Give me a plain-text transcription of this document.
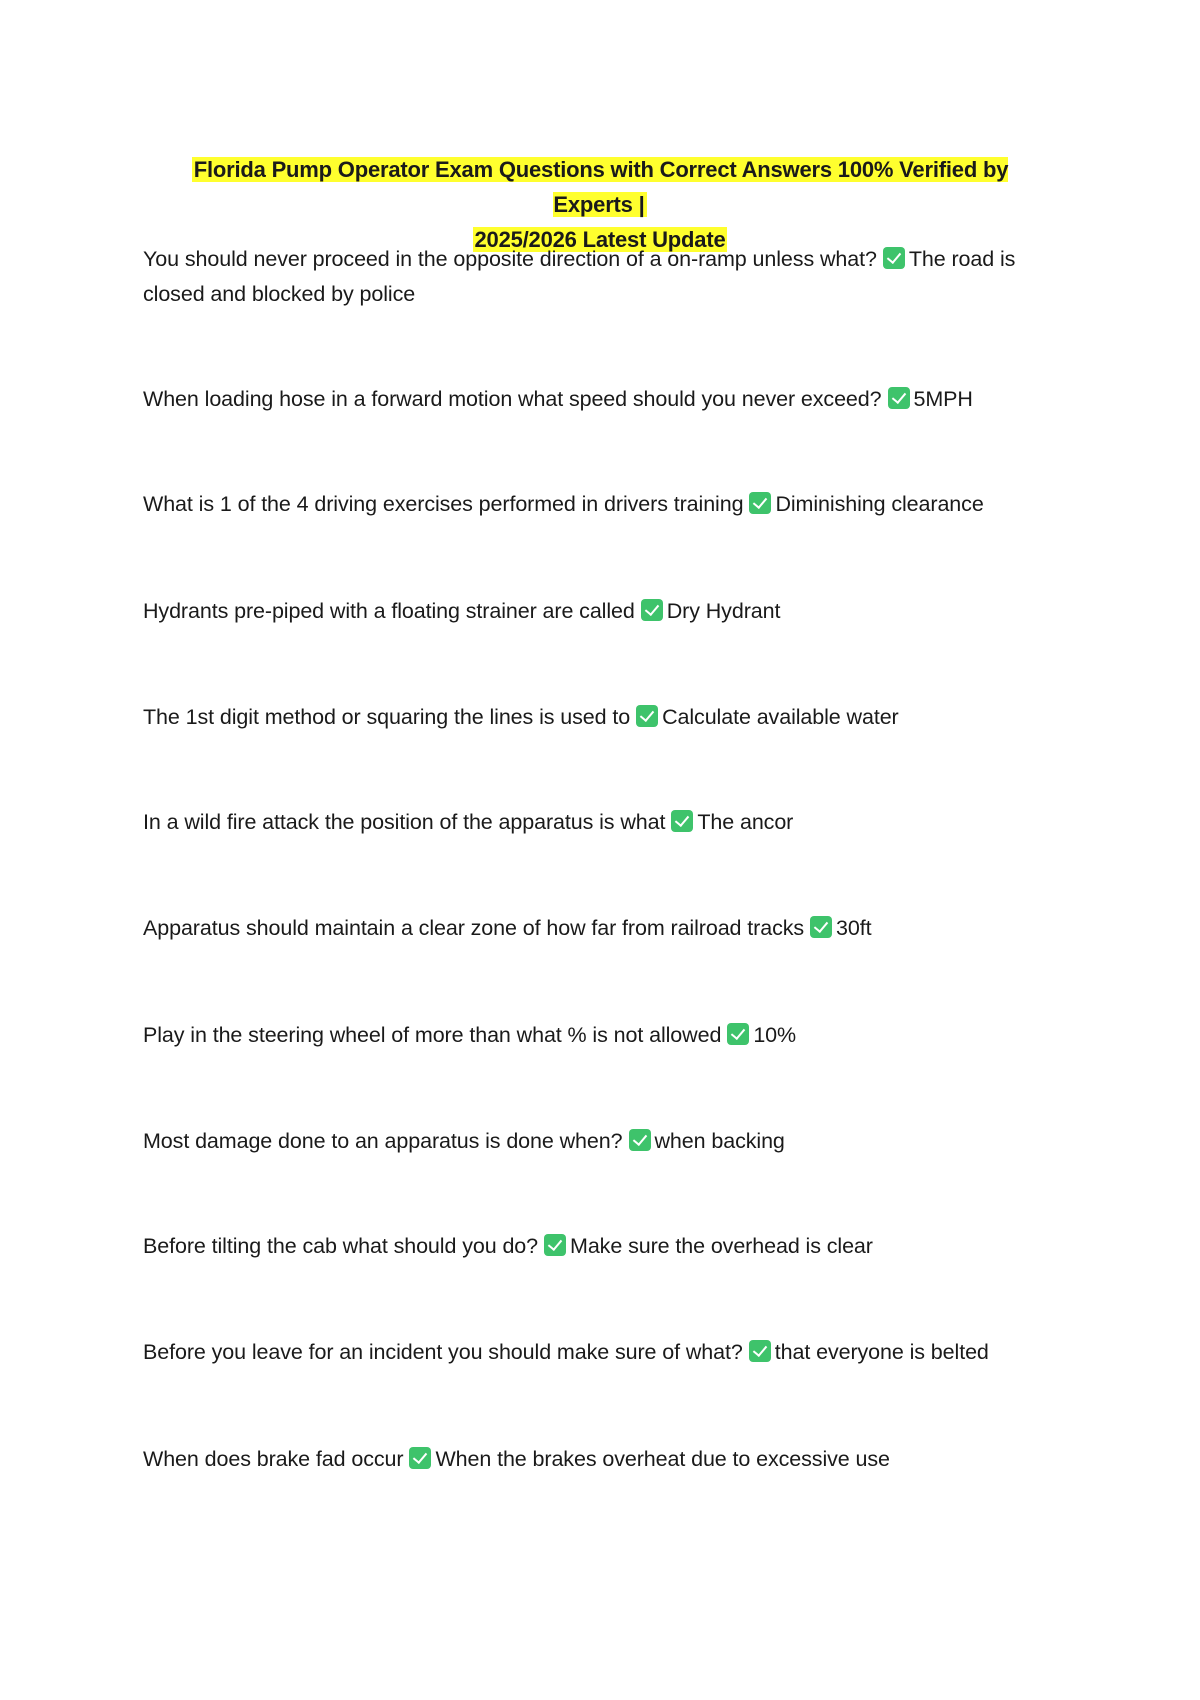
Florida Pump Operator Exam Questions with Correct Answers 100% Verified by Experts |
2025/2026 Latest Update
You should never proceed in the opposite direction of a on-ramp unless what? The road is closed and blocked by police
When loading hose in a forward motion what speed should you never exceed? 5MPH
What is 1 of the 4 driving exercises performed in drivers training Diminishing clearance
Hydrants pre-piped with a floating strainer are called Dry Hydrant
The 1st digit method or squaring the lines is used to Calculate available water
In a wild fire attack the position of the apparatus is what The ancor
Apparatus should maintain a clear zone of how far from railroad tracks 30ft
Play in the steering wheel of more than what % is not allowed 10%
Most damage done to an apparatus is done when? when backing
Before tilting the cab what should you do? Make sure the overhead is clear
Before you leave for an incident you should make sure of what? that everyone is belted
When does brake fad occur When the brakes overheat due to excessive use
